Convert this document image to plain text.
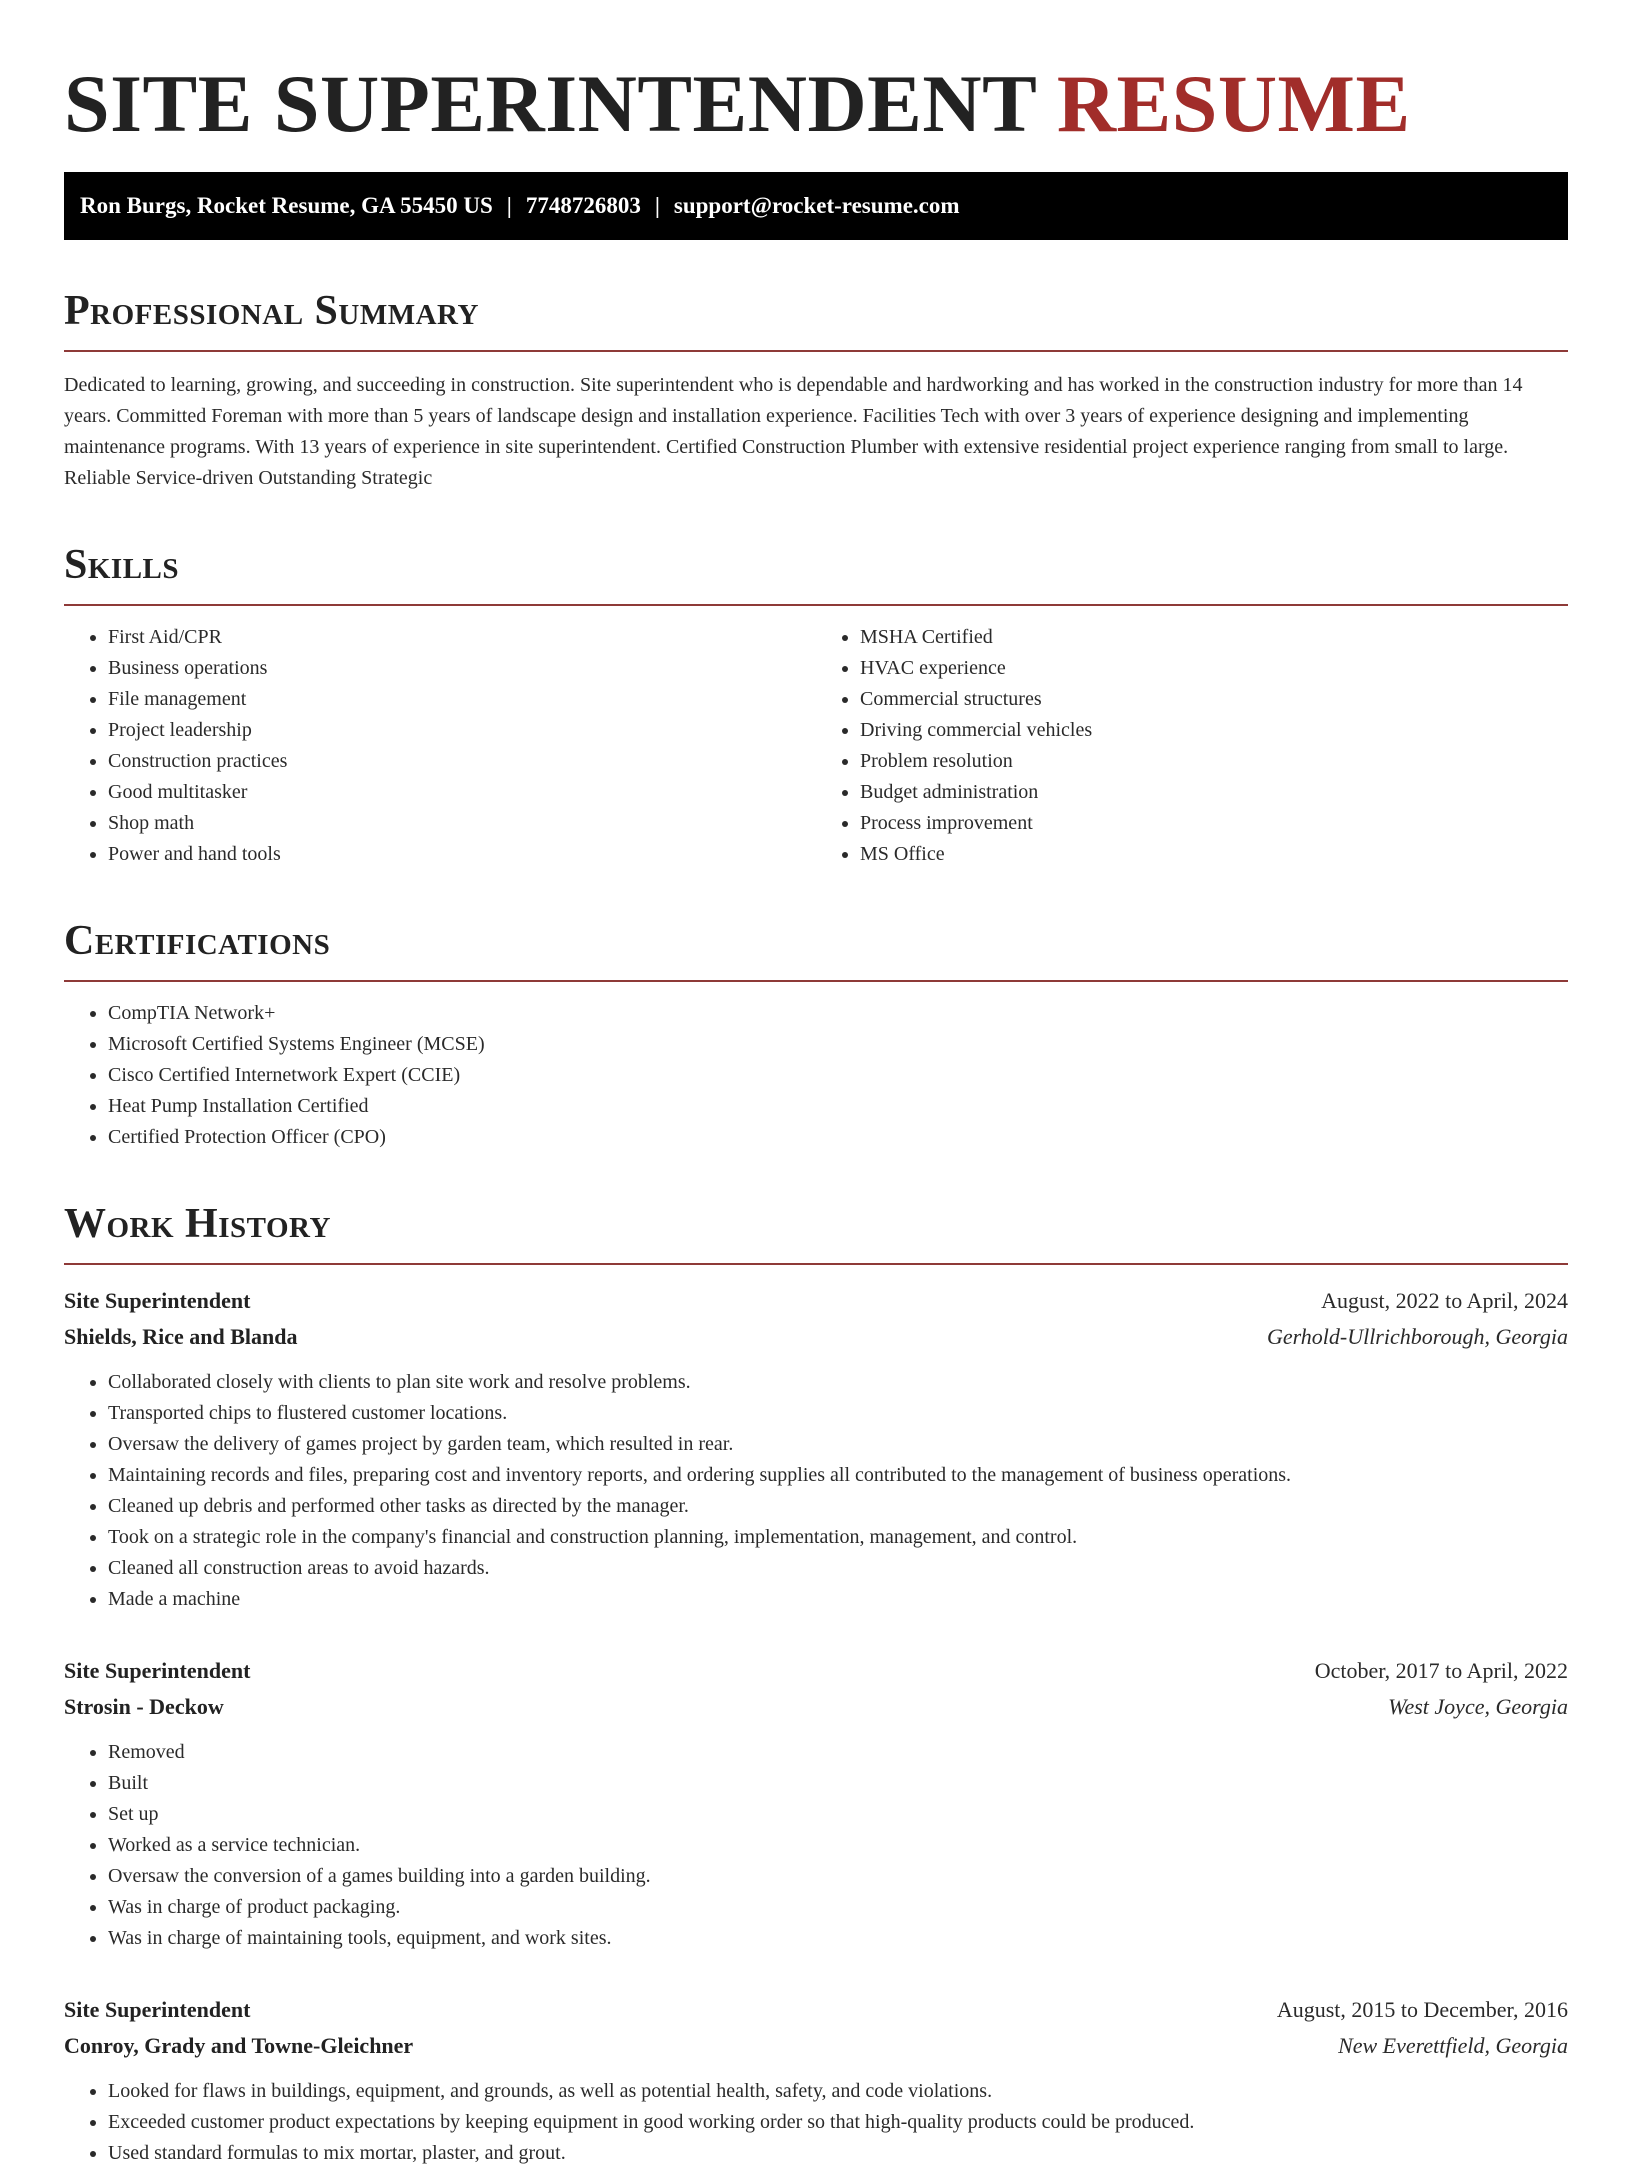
SITE SUPERINTENDENT RESUME
Ron Burgs, Rocket Resume, GA 55450 US | 7748726803 | support@rocket-resume.com
Professional Summary

Dedicated to learning, growing, and succeeding in construction. Site superintendent who is dependable and hardworking and has worked in the construction industry for more than 14 years. Committed Foreman with more than 5 years of landscape design and installation experience. Facilities Tech with over 3 years of experience designing and implementing maintenance programs. With 13 years of experience in site superintendent. Certified Construction Plumber with extensive residential project experience ranging from small to large. Reliable Service-driven Outstanding Strategic

Skills
• First Aid/CPR
• Business operations
• File management
• Project leadership
• Construction practices
• Good multitasker
• Shop math
• Power and hand tools
• MSHA Certified
• HVAC experience
• Commercial structures
• Driving commercial vehicles
• Problem resolution
• Budget administration
• Process improvement
• MS Office
Certifications
• CompTIA Network+
• Microsoft Certified Systems Engineer (MCSE)
• Cisco Certified Internetwork Expert (CCIE)
• Heat Pump Installation Certified
• Certified Protection Officer (CPO)
Work History
Site Superintendent	August, 2022 to April, 2024
Shields, Rice and Blanda	Gerhold-Ullrichborough, Georgia
• Collaborated closely with clients to plan site work and resolve problems.
• Transported chips to flustered customer locations.
• Oversaw the delivery of games project by garden team, which resulted in rear.
• Maintaining records and files, preparing cost and inventory reports, and ordering supplies all contributed to the management of business operations.
• Cleaned up debris and performed other tasks as directed by the manager.
• Took on a strategic role in the company's financial and construction planning, implementation, management, and control.
• Cleaned all construction areas to avoid hazards.
• Made a machine
Site Superintendent	October, 2017 to April, 2022
Strosin - Deckow	West Joyce, Georgia
• Removed
• Built
• Set up
• Worked as a service technician.
• Oversaw the conversion of a games building into a garden building.
• Was in charge of product packaging.
• Was in charge of maintaining tools, equipment, and work sites.
Site Superintendent	August, 2015 to December, 2016
Conroy, Grady and Towne-Gleichner	New Everettfield, Georgia
• Looked for flaws in buildings, equipment, and grounds, as well as potential health, safety, and code violations.
• Exceeded customer product expectations by keeping equipment in good working order so that high-quality products could be produced.
• Used standard formulas to mix mortar, plaster, and grout.
